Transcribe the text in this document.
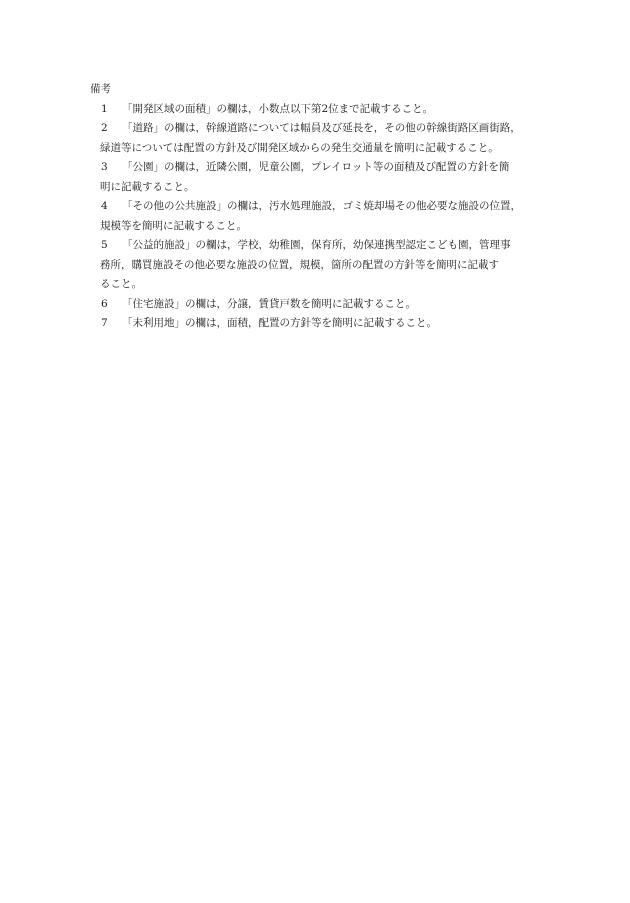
備考
1	「開発区域の面積」の欄は，小数点以下第2位まで記載すること。
2	「道路」の欄は，幹線道路については幅員及び延長を，その他の幹線街路区画街路，
緑道等については配置の方針及び開発区域からの発生交通量を簡明に記載すること。
3	「公園」の欄は，近隣公園，児童公園，プレイロット等の面積及び配置の方針を簡
明に記載すること。
4	「その他の公共施設」の欄は，汚水処理施設，ゴミ焼却場その他必要な施設の位置，
規模等を簡明に記載すること。
5	「公益的施設」の欄は，学校，幼稚園，保育所，幼保連携型認定こども園，管理事
務所，購買施設その他必要な施設の位置，規模，箇所の配置の方針等を簡明に記載す
ること。
6	「住宅施設」の欄は，分譲，賃貸戸数を簡明に記載すること。
7	「未利用地」の欄は，面積，配置の方針等を簡明に記載すること。
